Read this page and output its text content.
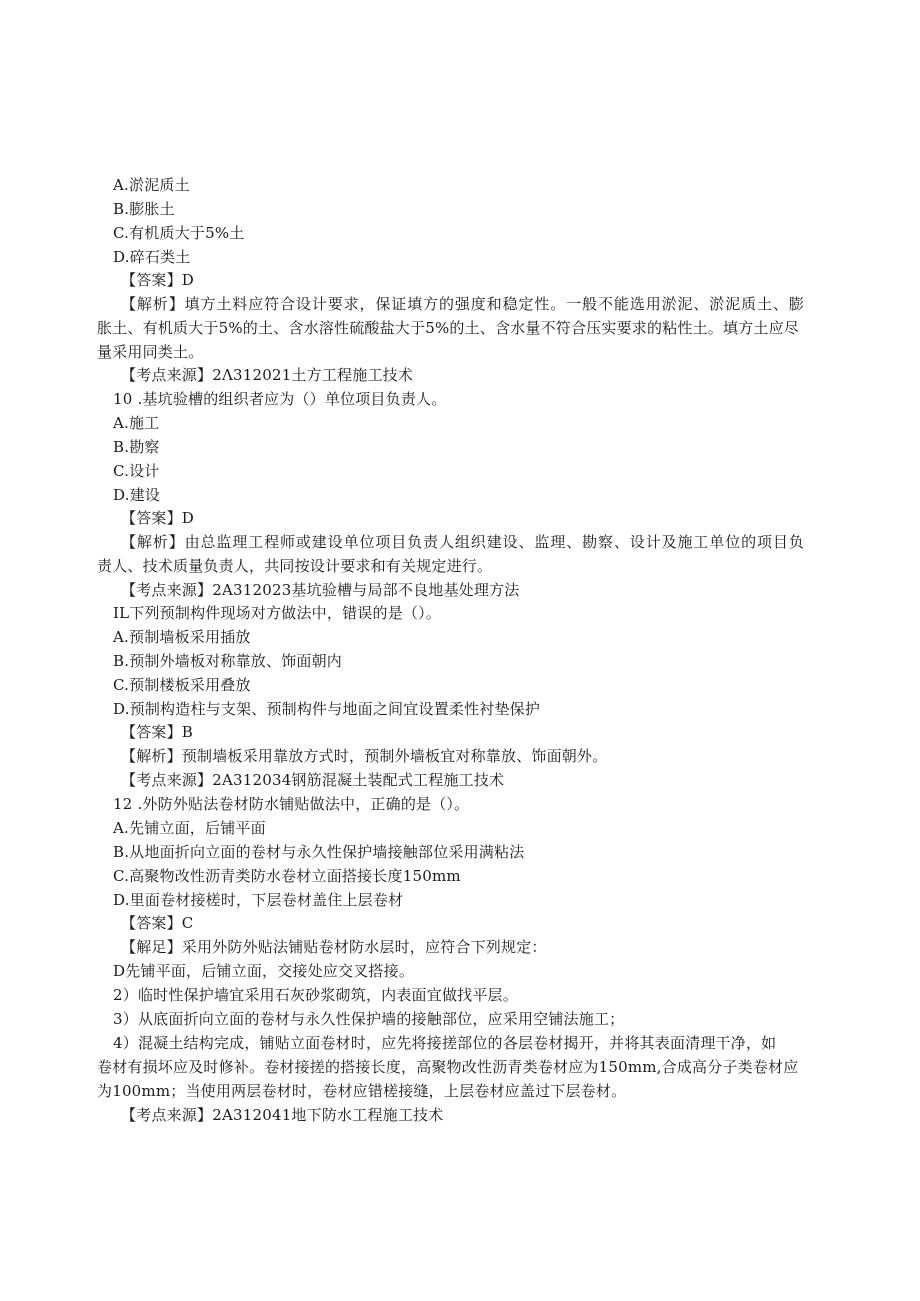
A.淤泥质土
B.膨胀土
C.有机质大于5%土
D.碎石类土
【答案】D
【解析】填方土料应符合设计要求，保证填方的强度和稳定性。一般不能选用淤泥、淤泥质土、膨
胀土、有机质大于5%的土、含水溶性硫酸盐大于5%的土、含水量不符合压实要求的粘性土。填方土应尽
量采用同类土。
【考点来源】2Λ312021土方工程施工技术
10 .基坑验槽的组织者应为（）单位项目负责人。
A.施工
B.勘察
C.设计
D.建设
【答案】D
【解析】由总监理工程师或建设单位项目负责人组织建设、监理、勘察、设计及施工单位的项目负
责人、技术质量负责人，共同按设计要求和有关规定进行。
【考点来源】2A312023基坑验槽与局部不良地基处理方法
IL下列预制构件现场对方做法中，错误的是（）。
A.预制墙板采用插放
B.预制外墙板对称靠放、饰面朝内
C.预制楼板采用叠放
D.预制构造柱与支架、预制构件与地面之间宜设置柔性衬垫保护
【答案】B
【解析】预制墙板采用靠放方式时，预制外墙板宜对称靠放、饰面朝外。
【考点来源】2A312034钢筋混凝土装配式工程施工技术
12 .外防外贴法卷材防水铺贴做法中，正确的是（）。
A.先铺立面，后铺平面
B.从地面折向立面的卷材与永久性保护墙接触部位采用满粘法
C.高聚物改性沥青类防水卷材立面搭接长度150mm
D.里面卷材接槎时，下层卷材盖住上层卷材
【答案】C
【解足】采用外防外贴法铺贴卷材防水层时，应符合下列规定：
D先铺平面，后铺立面，交接处应交叉搭接。
2）临时性保护墙宜采用石灰砂浆砌筑，内表面宜做找平层。
3）从底面折向立面的卷材与永久性保护墙的接触部位，应采用空铺法施工；
4）混凝土结构完成，铺贴立面卷材时，应先将接搓部位的各层卷材揭开，并将其表面清理干净，如
卷材有损坏应及时修补。卷材接搓的搭接长度，高聚物改性沥青类卷材应为150mm,合成高分子类卷材应
为100mm；当使用两层卷材时，卷材应错槎接缝，上层卷材应盖过下层卷材。
【考点来源】2A312041地下防水工程施工技术
